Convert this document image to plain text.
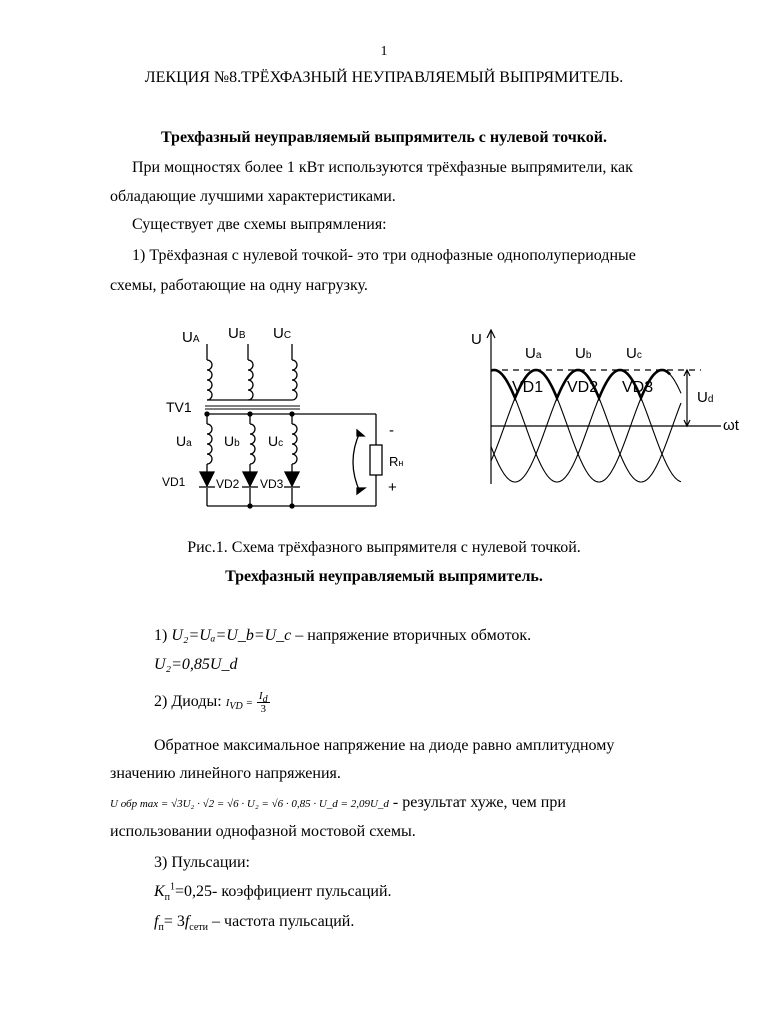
1
ЛЕКЦИЯ №8.ТРЁХФАЗНЫЙ НЕУПРАВЛЯЕМЫЙ ВЫПРЯМИТЕЛЬ.
Трехфазный неуправляемый выпрямитель с нулевой точкой.
При мощностях более 1 кВт используются трёхфазные выпрямители, как
обладающие лучшими характеристиками.
Существует две схемы выпрямления:
1) Трёхфазная с нулевой точкой- это три однофазные однополупериодные
схемы, работающие на одну нагрузку.
UA UB UC
TV1
Ua Ub Uc
VD1	VD2 VD3
Rн
-
+
U
ωt
Ua Ub Uc
VD1 VD2 VD3
Ud
Рис.1. Схема трёхфазного выпрямителя с нулевой точкой.
Трехфазный неуправляемый выпрямитель.
1) U₂=Uₐ=U_b=U_c – напряжение вторичных обмоток.
U₂=0,85U_d
2) Диоды: $I_{VD} = \frac{I_d}{3}$
Обратное максимальное напряжение на диоде равно амплитудному
значению линейного напряжения.
U обр max = √3U₂ · √2 = √6 · U₂ = √6 · 0,85 · U_d = 2,09U_d - результат хуже, чем при
использовании однофазной мостовой схемы.
3) Пульсации:
$K_п^1=0,25-$ коэффициент пульсаций.
$f_п= 3f_{сети}$ – частота пульсаций.
